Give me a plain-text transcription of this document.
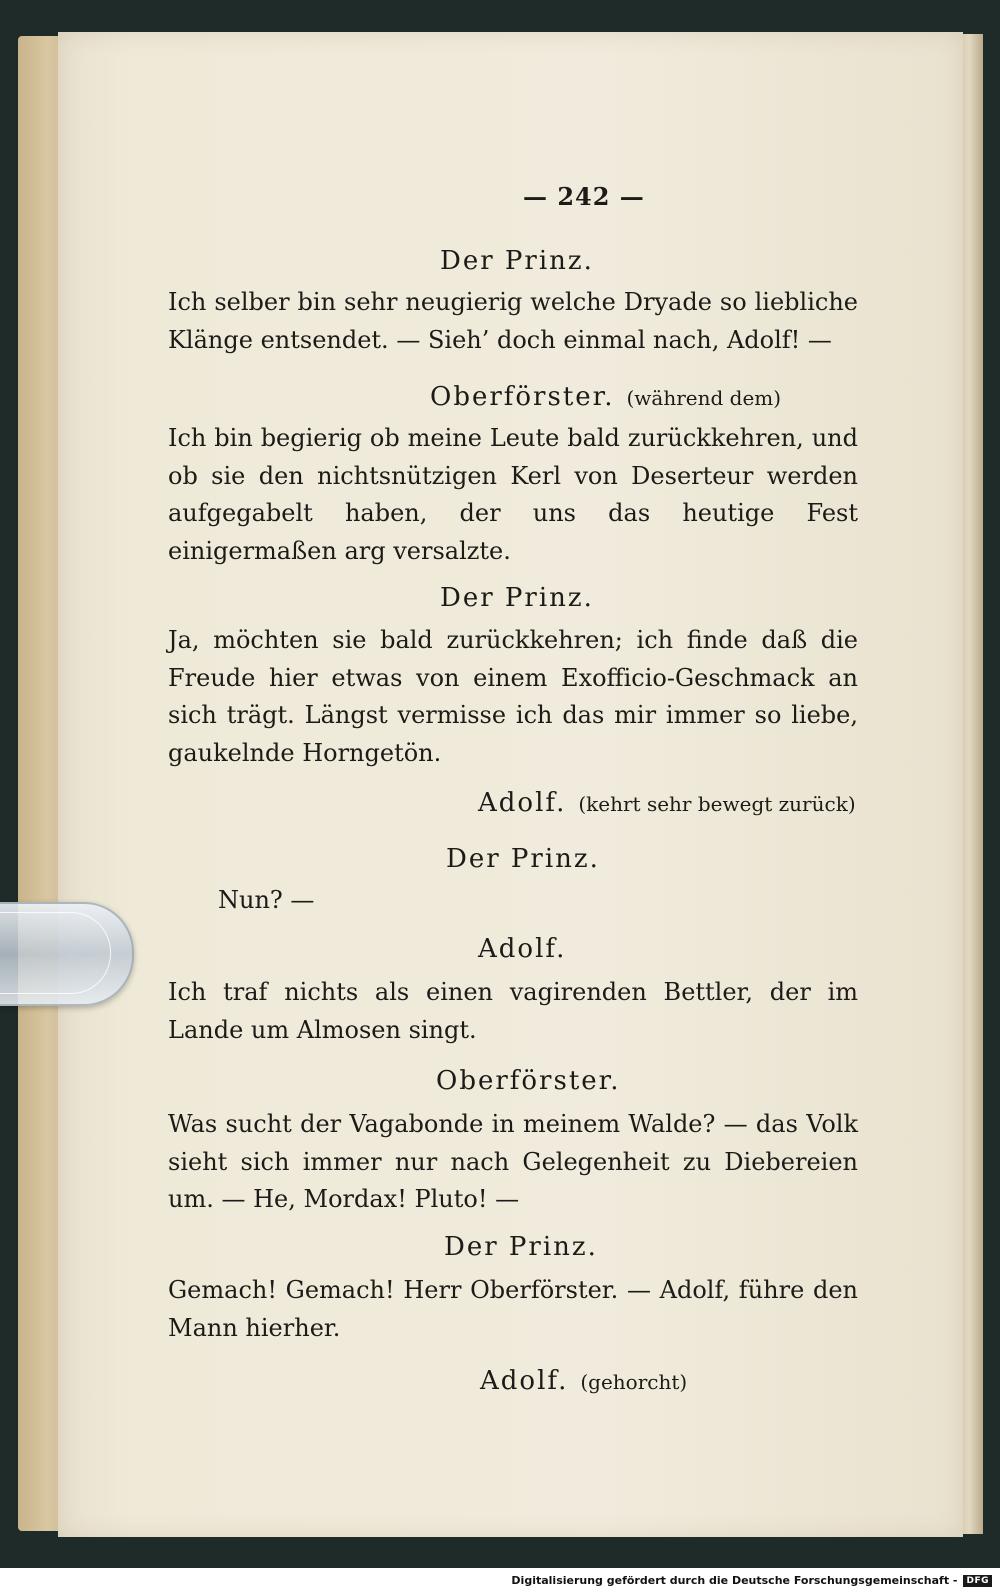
— 242 —
Der Prinz.
Ich selber bin sehr neugierig welche Dryade so liebliche Klänge entsendet. — Sieh’ doch einmal nach, Adolf! —
Oberförster. (während dem)
Ich bin begierig ob meine Leute bald zurückkehren, und ob sie den nichtsnützigen Kerl von Deserteur werden aufgegabelt haben, der uns das heutige Fest einigermaßen arg versalzte.
Der Prinz.
Ja, möchten sie bald zurückkehren; ich finde daß die Freude hier etwas von einem Exofficio-Geschmack an sich trägt. Längst vermisse ich das mir immer so liebe, gaukelnde Horngetön.
Adolf. (kehrt sehr bewegt zurück)
Der Prinz.
Nun? —
Adolf.
Ich traf nichts als einen vagirenden Bettler, der im Lande um Almosen singt.
Oberförster.
Was sucht der Vagabonde in meinem Walde? — das Volk sieht sich immer nur nach Gelegenheit zu Diebereien um. — He, Mordax! Pluto! —
Der Prinz.
Gemach! Gemach! Herr Oberförster. — Adolf, führe den Mann hierher.
Adolf. (gehorcht)
Digitalisierung gefördert durch die Deutsche Forschungsgemeinschaft -	DFG
